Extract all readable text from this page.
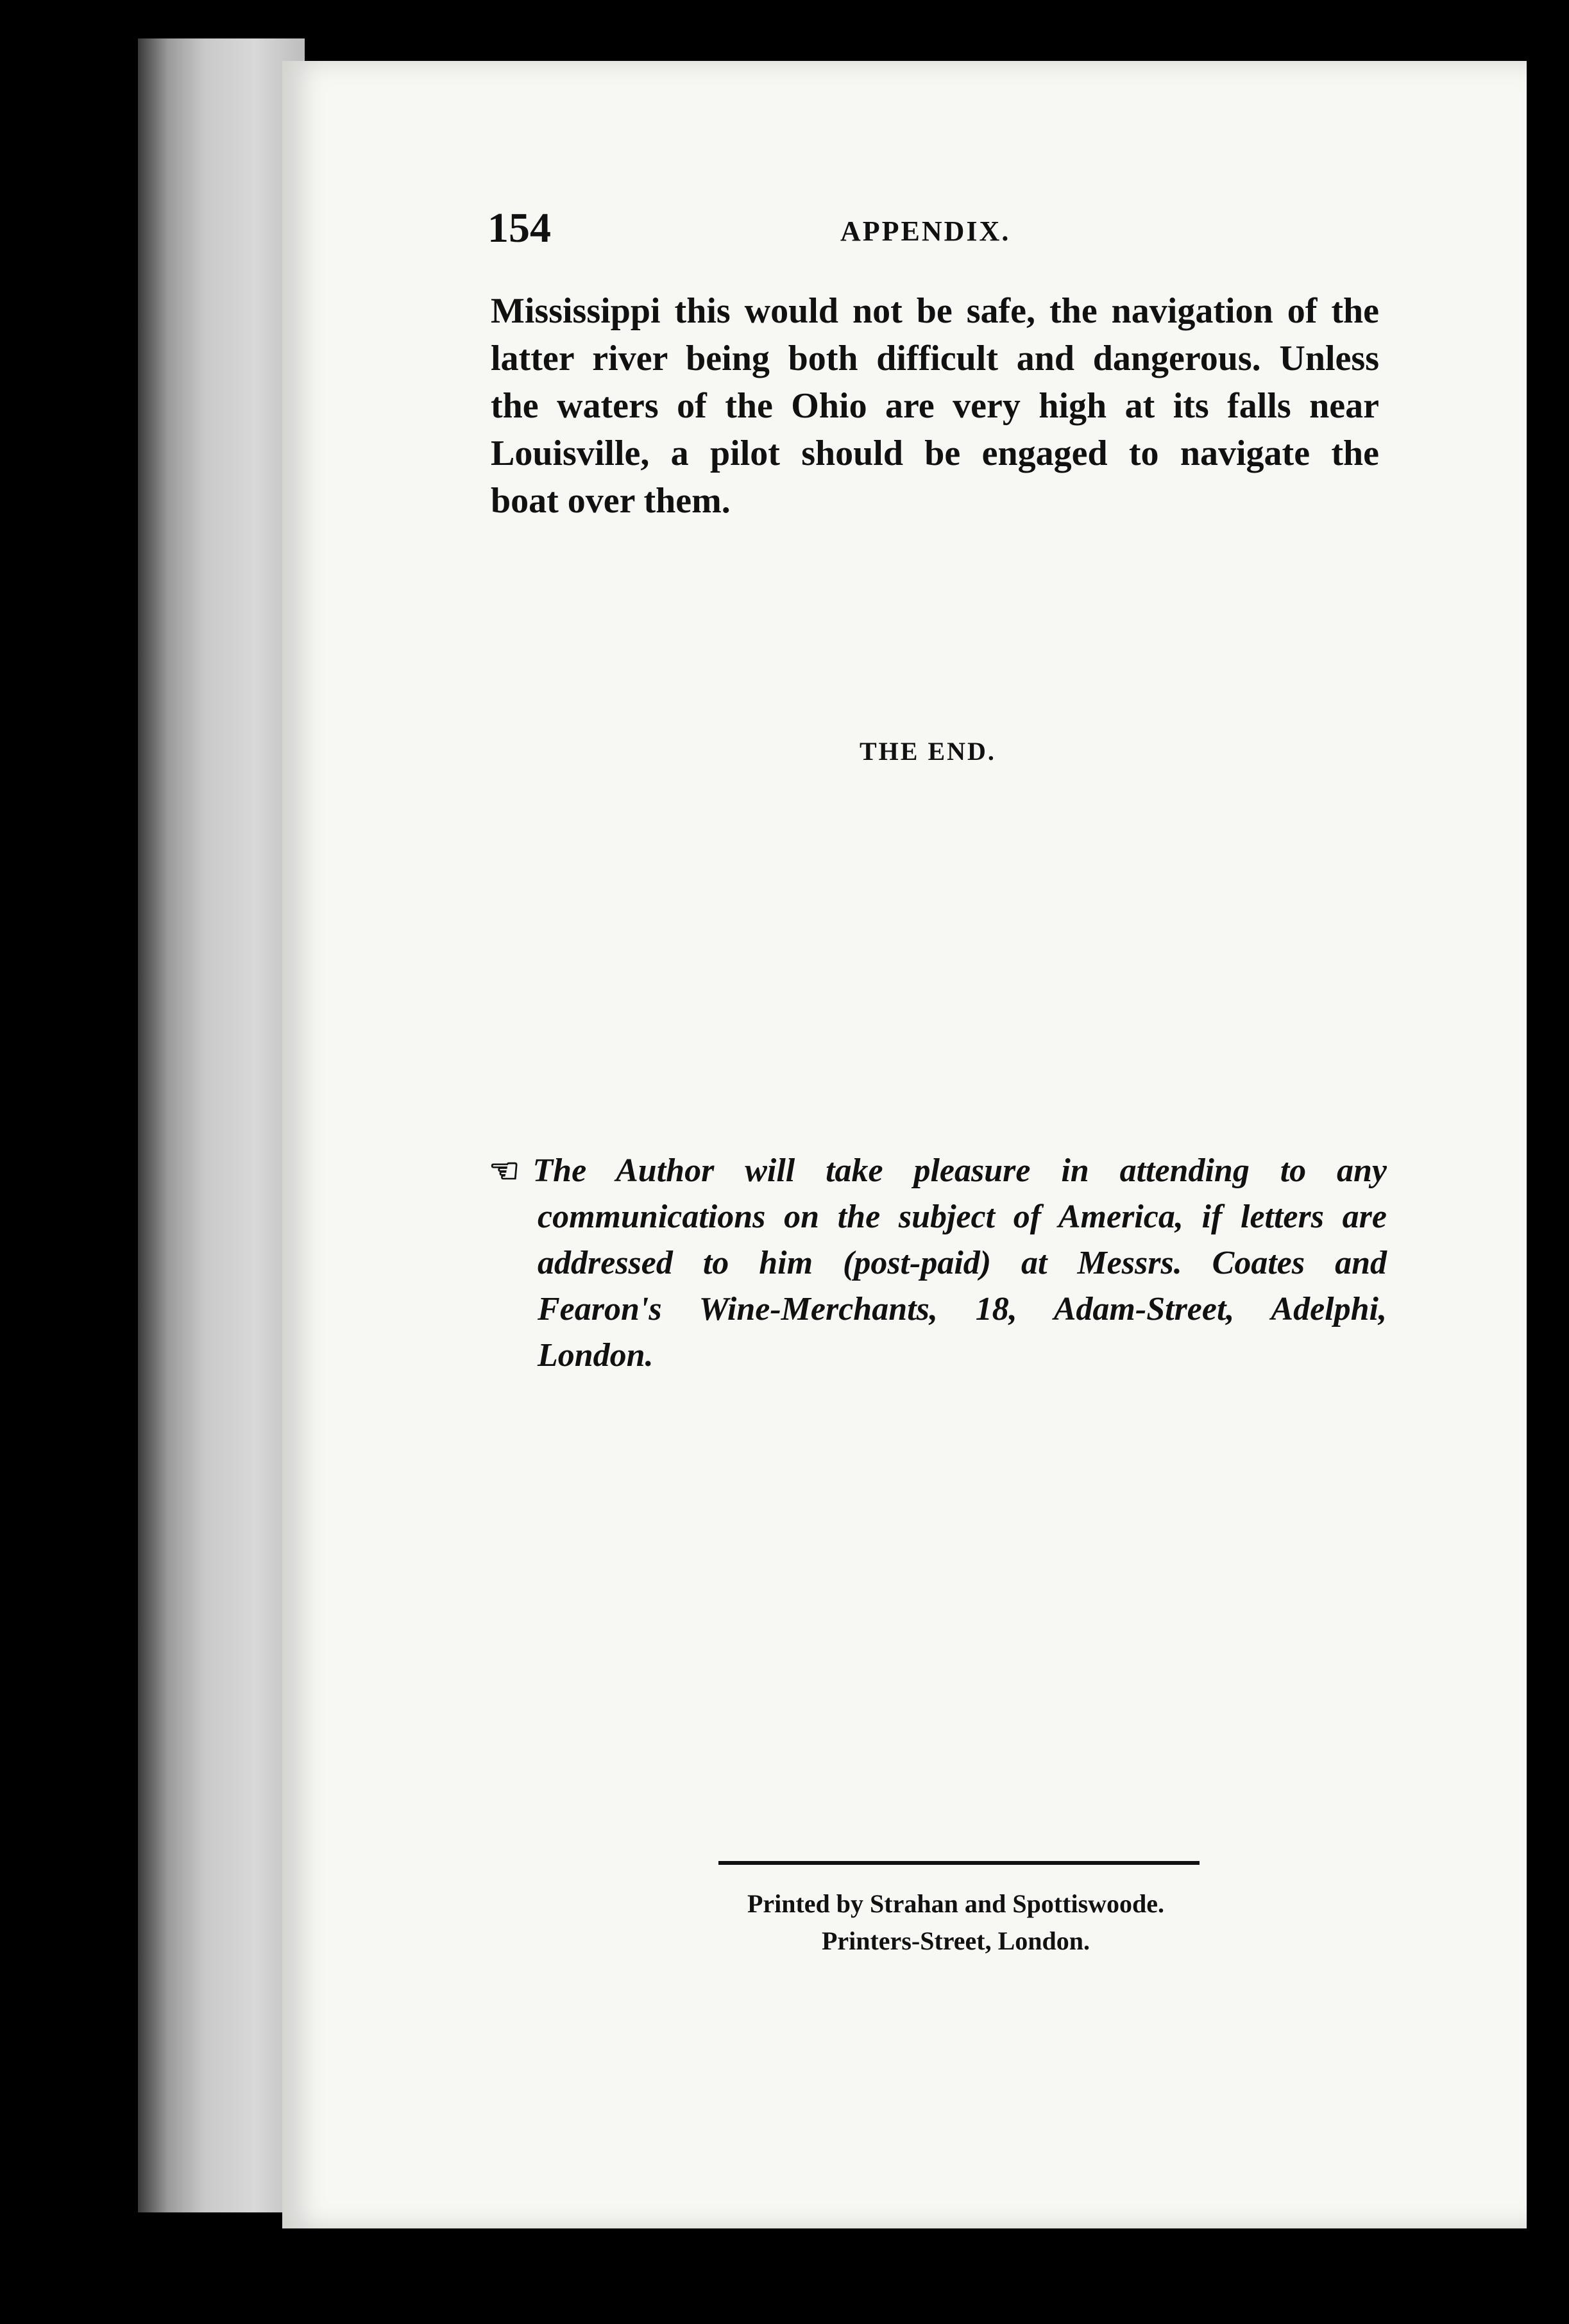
154	APPENDIX.
Mississippi this would not be safe, the navigation of the
latter river being both difficult and dangerous. Unless
the waters of the Ohio are very high at its falls near
Louisville, a pilot should be engaged to navigate the
boat over them.
THE END.
☞ The Author will take pleasure in attending to any
communications on the subject of America, if letters are
addressed to him (post-paid) at Messrs. Coates and
Fearon's Wine-Merchants, 18, Adam-Street, Adelphi,
London.
Printed by Strahan and Spottiswoode.
Printers-Street, London.
